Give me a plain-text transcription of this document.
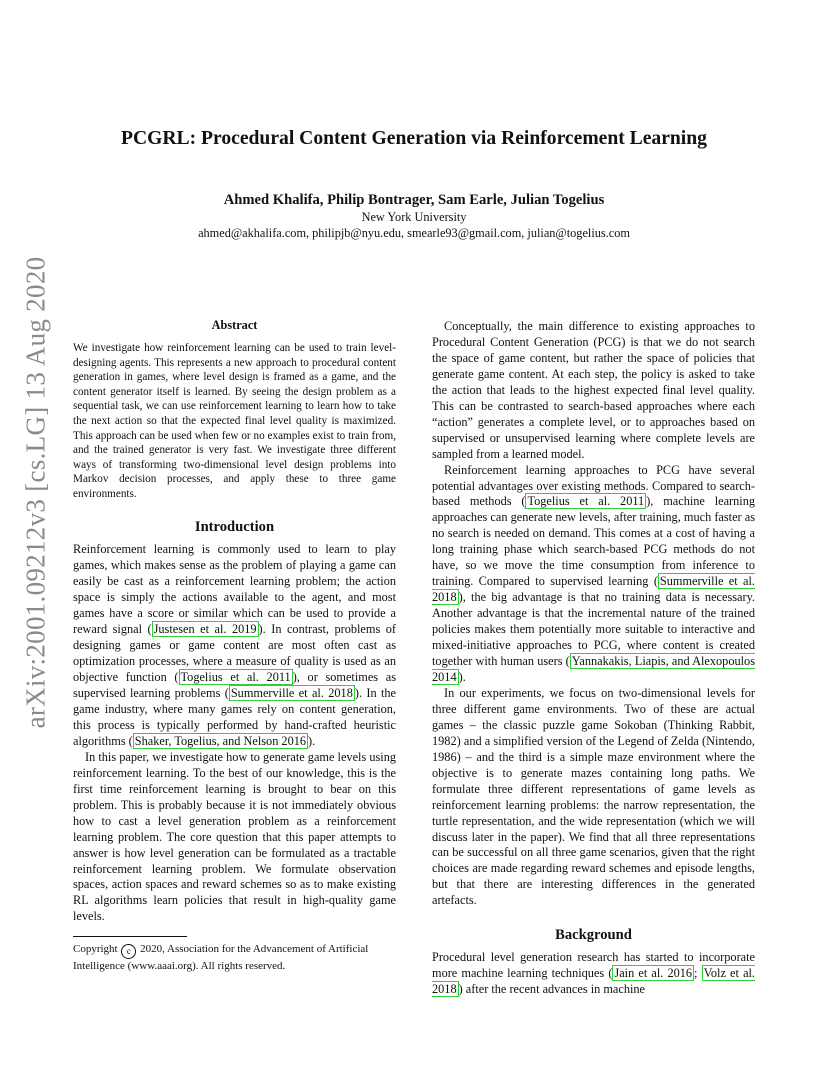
arXiv:2001.09212v3 [cs.LG] 13 Aug 2020
PCGRL: Procedural Content Generation via Reinforcement Learning
Ahmed Khalifa, Philip Bontrager, Sam Earle, Julian Togelius
New York University
ahmed@akhalifa.com, philipjb@nyu.edu, smearle93@gmail.com, julian@togelius.com
Abstract

We investigate how reinforcement learning can be used to train level-designing agents. This represents a new approach to procedural content generation in games, where level design is framed as a game, and the content generator itself is learned. By seeing the design problem as a sequential task, we can use reinforcement learning to learn how to take the next action so that the expected final level quality is maximized. This approach can be used when few or no examples exist to train from, and the trained generator is very fast. We investigate three different ways of transforming two-dimensional level design problems into Markov decision processes, and apply these to three game environments.

Introduction

Reinforcement learning is commonly used to learn to play games, which makes sense as the problem of playing a game can easily be cast as a reinforcement learning problem; the action space is simply the actions available to the agent, and most games have a score or similar which can be used to provide a reward signal ( Justesen et al. 2019 ). In contrast, problems of designing games or game content are most often cast as optimization processes, where a measure of quality is used as an objective function ( Togelius et al. 2011 ), or sometimes as supervised learning problems ( Summerville et al. 2018 ). In the game industry, where many games rely on content generation, this process is typically performed by hand-crafted heuristic algorithms ( Shaker, Togelius, and Nelson 2016 ).

In this paper, we investigate how to generate game levels using reinforcement learning. To the best of our knowledge, this is the first time reinforcement learning is brought to bear on this problem. This is probably because it is not immediately obvious how to cast a level generation problem as a reinforcement learning problem. The core question that this paper attempts to answer is how level generation can be formulated as a tractable reinforcement learning problem. We formulate observation spaces, action spaces and reward schemes so as to make existing RL algorithms learn policies that result in high-quality game levels.

Copyright c 2020, Association for the Advancement of Artificial Intelligence (www.aaai.org). All rights reserved.

Conceptually, the main difference to existing approaches to Procedural Content Generation (PCG) is that we do not search the space of game content, but rather the space of policies that generate game content. At each step, the policy is asked to take the action that leads to the highest expected final level quality. This can be contrasted to search-based approaches where each “action” generates a complete level, or to approaches based on supervised or unsupervised learning where complete levels are sampled from a learned model.

Reinforcement learning approaches to PCG have several potential advantages over existing methods. Compared to search-based methods ( Togelius et al. 2011 ), machine learning approaches can generate new levels, after training, much faster as no search is needed on demand. This comes at a cost of having a long training phase which search-based PCG methods do not have, so we move the time consumption from inference to training. Compared to supervised learning ( Summerville et al. 2018 ), the big advantage is that no training data is necessary. Another advantage is that the incremental nature of the trained policies makes them potentially more suitable to interactive and mixed-initiative approaches to PCG, where content is created together with human users ( Yannakakis, Liapis, and Alexopoulos 2014 ).

In our experiments, we focus on two-dimensional levels for three different game environments. Two of these are actual games – the classic puzzle game Sokoban (Thinking Rabbit, 1982) and a simplified version of the Legend of Zelda (Nintendo, 1986) – and the third is a simple maze environment where the objective is to generate mazes containing long paths. We formulate three different representations of game levels as reinforcement learning problems: the narrow representation, the turtle representation, and the wide representation (which we will discuss later in the paper). We find that all three representations can be successful on all three game scenarios, given that the right choices are made regarding reward schemes and episode lengths, but that there are interesting differences in the generated artefacts.

Background

Procedural level generation research has started to incorporate more machine learning techniques ( Jain et al. 2016 ; Volz et al. 2018 ) after the recent advances in machine
